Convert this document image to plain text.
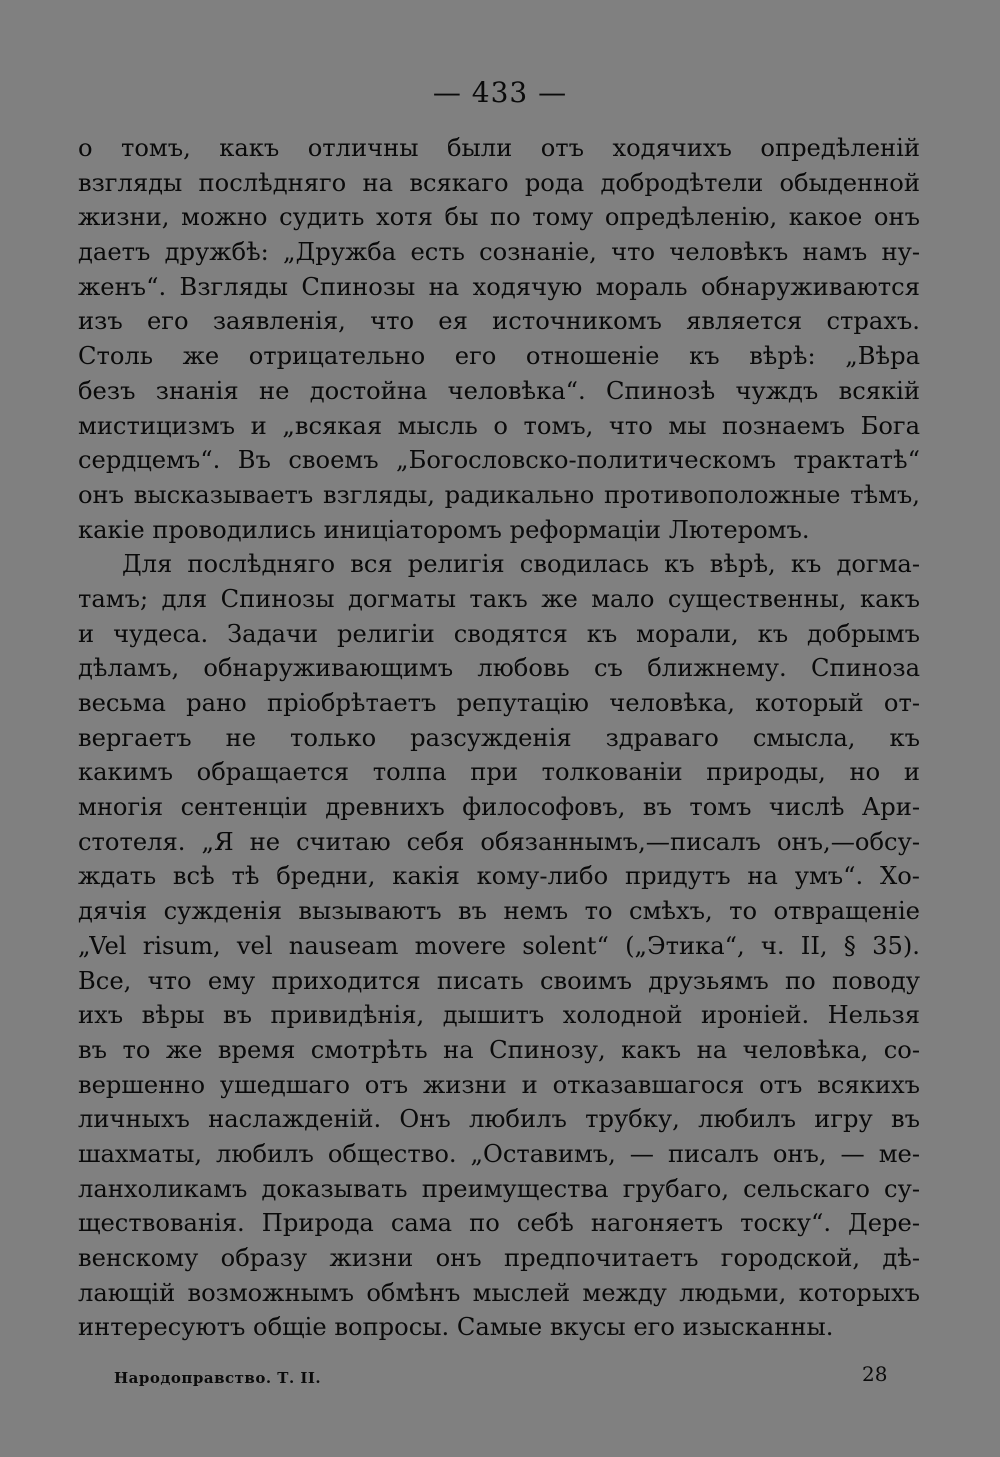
— 433 —
о томъ, какъ отличны были отъ ходячихъ опредѣленій
взгляды послѣдняго на всякаго рода добродѣтели обыденной
жизни, можно судить хотя бы по тому опредѣленію, какое онъ
даетъ дружбѣ: „Дружба есть сознаніе, что человѣкъ намъ ну-
женъ“. Взгляды Спинозы на ходячую мораль обнаруживаются
изъ его заявленія, что ея источникомъ является страхъ.
Столь же отрицательно его отношеніе къ вѣрѣ: „Вѣра
безъ знанія не достойна человѣка“. Спинозѣ чуждъ всякій
мистицизмъ и „всякая мысль о томъ, что мы познаемъ Бога
сердцемъ“. Въ своемъ „Богословско-политическомъ трактатѣ“
онъ высказываетъ взгляды, радикально противоположные тѣмъ,
какіе проводились иниціаторомъ реформаціи Лютеромъ.
Для послѣдняго вся религія сводилась къ вѣрѣ, къ догма-
тамъ; для Спинозы догматы такъ же мало существенны, какъ
и чудеса. Задачи религіи сводятся къ морали, къ добрымъ
дѣламъ, обнаруживающимъ любовь съ ближнему. Спиноза
весьма рано пріобрѣтаетъ репутацію человѣка, который от-
вергаетъ не только разсужденія здраваго смысла, къ
какимъ обращается толпа при толкованіи природы, но и
многія сентенціи древнихъ философовъ, въ томъ числѣ Ари-
стотеля. „Я не считаю себя обязаннымъ,—писалъ онъ,—обсу-
ждать всѣ тѣ бредни, какія кому-либо придутъ на умъ“. Хо-
дячія сужденія вызываютъ въ немъ то смѣхъ, то отвращеніе
„Vel risum, vel nauseam movere solent“ („Этика“, ч. II, § 35).
Все, что ему приходится писать своимъ друзьямъ по поводу
ихъ вѣры въ привидѣнія, дышитъ холодной ироніей. Нельзя
въ то же время смотрѣть на Спинозу, какъ на человѣка, со-
вершенно ушедшаго отъ жизни и отказавшагося отъ всякихъ
личныхъ наслажденій. Онъ любилъ трубку, любилъ игру въ
шахматы, любилъ общество. „Оставимъ, — писалъ онъ, — ме-
ланхоликамъ доказывать преимущества грубаго, сельскаго су-
ществованія. Природа сама по себѣ нагоняетъ тоску“. Дере-
венскому образу жизни онъ предпочитаетъ городской, дѣ-
лающій возможнымъ обмѣнъ мыслей между людьми, которыхъ
интересуютъ общіе вопросы. Самые вкусы его изысканны.
Народоправство. Т. II.	28
